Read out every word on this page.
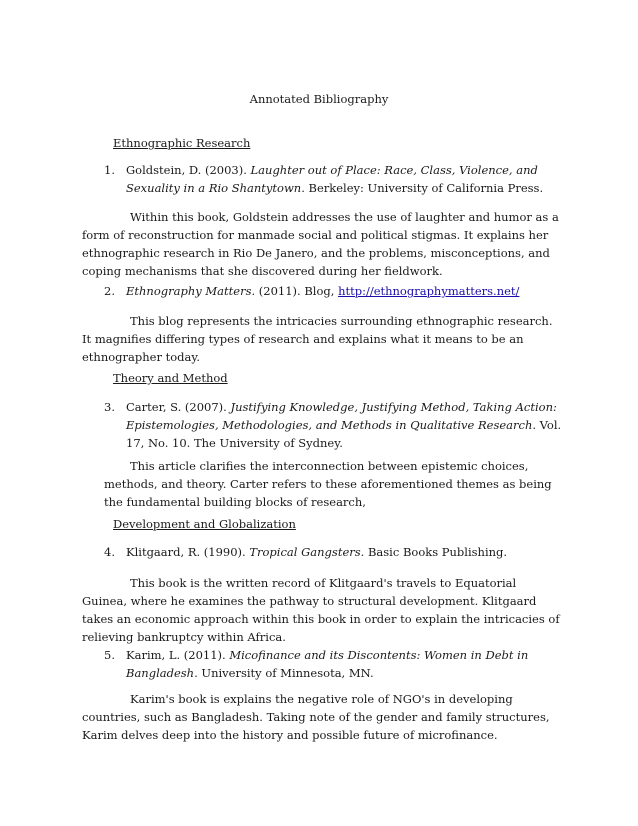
Annotated Bibliography
Ethnographic Research
1. Goldstein, D. (2003). Laughter out of Place: Race, Class, Violence, and Sexuality in a Rio Shantytown. Berkeley: University of California Press.
Within this book, Goldstein addresses the use of laughter and humor as a form of reconstruction for manmade social and political stigmas. It explains her ethnographic research in Rio De Janero, and the problems, misconceptions, and coping mechanisms that she discovered during her fieldwork.
2. Ethnography Matters. (2011). Blog, http://ethnographymatters.net/
This blog represents the intricacies surrounding ethnographic research. It magnifies differing types of research and explains what it means to be an ethnographer today.
Theory and Method
3. Carter, S. (2007). Justifying Knowledge, Justifying Method, Taking Action: Epistemologies, Methodologies, and Methods in Qualitative Research. Vol. 17, No. 10. The University of Sydney.
This article clarifies the interconnection between epistemic choices, methods, and theory. Carter refers to these aforementioned themes as being the fundamental building blocks of research,
Development and Globalization
4. Klitgaard, R. (1990). Tropical Gangsters. Basic Books Publishing.
This book is the written record of Klitgaard's travels to Equatorial Guinea, where he examines the pathway to structural development. Klitgaard takes an economic approach within this book in order to explain the intricacies of relieving bankruptcy within Africa.
5. Karim, L. (2011). Micofinance and its Discontents: Women in Debt in Bangladesh. University of Minnesota, MN.
Karim's book is explains the negative role of NGO's in developing countries, such as Bangladesh. Taking note of the gender and family structures, Karim delves deep into the history and possible future of microfinance.
